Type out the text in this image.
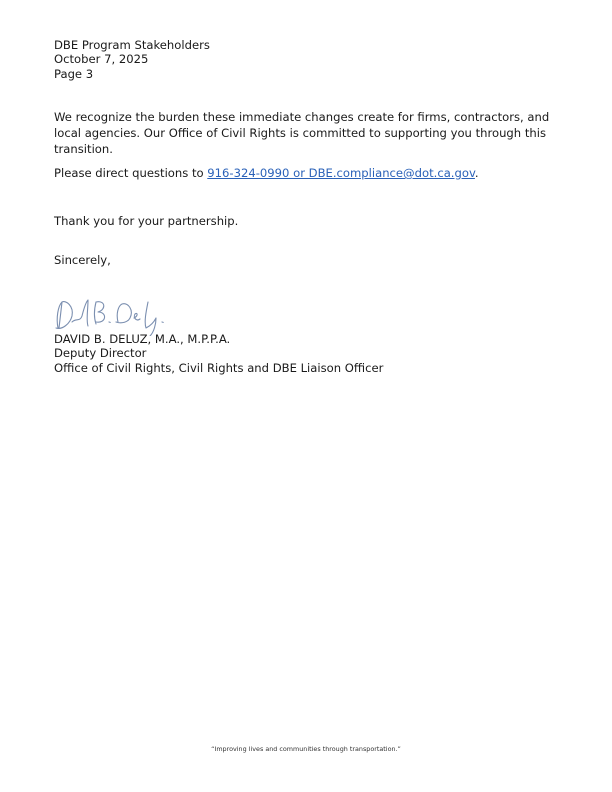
DBE Program Stakeholders
October 7, 2025
Page 3
We recognize the burden these immediate changes create for firms, contractors, and local agencies. Our Office of Civil Rights is committed to supporting you through this transition.
Please direct questions to 916-324-0990 or DBE.compliance@dot.ca.gov.
Thank you for your partnership.
Sincerely,
DAVID B. DELUZ, M.A., M.P.P.A.
Deputy Director
Office of Civil Rights, Civil Rights and DBE Liaison Officer
“Improving lives and communities through transportation.”
